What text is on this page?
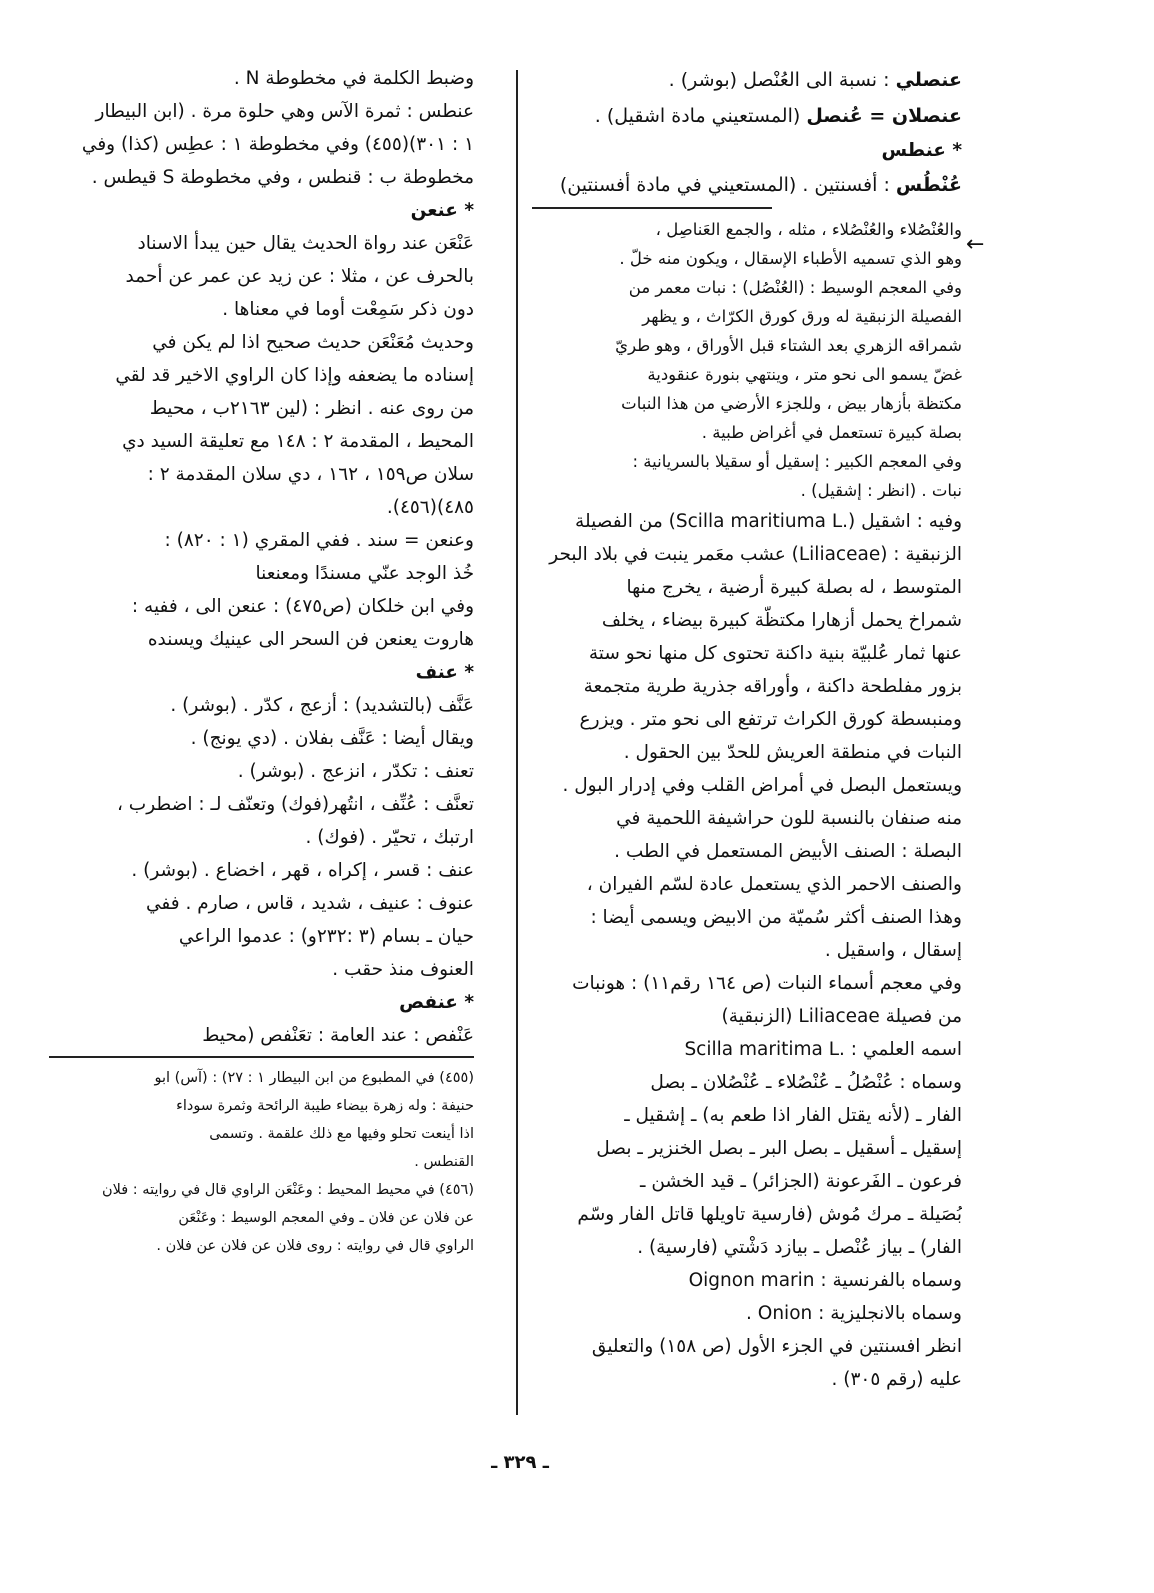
عنصلي : نسبة الى العُنْصل (بوشر) .
عنصلان = عُنصل (المستعيني مادة اشقيل) .
* عنطس
عُنْطُس : أفسنتين . (المستعيني في مادة أفسنتين)
والعُنْصُلاء والعُنْصُلاء ، مثله ، والجمع العَناصِل ،
وهو الذي تسميه الأطباء الإسقال ، ويكون منه خلّ .
وفي المعجم الوسيط : (العُنْصُل) : نبات معمر من
الفصيلة الزنبقية له ورق كورق الكرّاث ، و يظهر
شمراقه الزهري بعد الشتاء قبل الأوراق ، وهو طريّ
غضّ يسمو الى نحو متر ، وينتهي بنورة عنقودية
مكتظة بأزهار بيض ، وللجزء الأرضي من هذا النبات
بصلة كبيرة تستعمل في أغراض طبية .
وفي المعجم الكبير : إسقيل أو سقيلا بالسريانية :
نبات . (انظر : إشقيل) .
وفيه : اشقيل (.Scilla maritiuma L) من الفصيلة
الزنبقية : (Liliaceae) عشب معَمر ينبت في بلاد البحر
المتوسط ، له بصلة كبيرة أرضية ، يخرج منها
شمراخ يحمل أزهارا مكتظّة كبيرة بيضاء ، يخلف
عنها ثمار عُلبيّة بنية داكنة تحتوى كل منها نحو ستة
بزور مفلطحة داكنة ، وأوراقه جذرية طرية متجمعة
ومنبسطة كورق الكراث ترتفع الى نحو متر . ويزرع
النبات في منطقة العريش للحدّ بين الحقول .
ويستعمل البصل في أمراض القلب وفي إدرار البول .
منه صنفان بالنسبة للون حراشيفة اللحمية في
البصلة : الصنف الأبيض المستعمل في الطب .
والصنف الاحمر الذي يستعمل عادة لسّم الفيران ،
وهذا الصنف أكثر سُميّة من الابيض ويسمى أيضا :
إسقال ، واسقيل .
وفي معجم أسماء النبات (ص ١٦٤ رقم١١) : هونبات
من فصيلة Liliaceae (الزنبقية)
اسمه العلمي : .Scilla maritima L
وسماه : عُنْصُلُ ـ عُنْصُلاء ـ عُنْصُلان ـ بصل
الفار ـ (لأنه يقتل الفار اذا طعم به) ـ إشقيل ـ
إسقيل ـ أسقيل ـ بصل البر ـ بصل الخنزير ـ بصل
فرعون ـ الفَرعونة (الجزائر) ـ قيد الخشن ـ
بُصَيلة ـ مرك مُوش (فارسية تاويلها قاتل الفار وسّم
الفار) ـ بياز عُنْصل ـ بيازد دَشْتي (فارسية) .
وسماه بالفرنسية : Oignon marin
وسماه بالانجليزية : Onion .
انظر افسنتين في الجزء الأول (ص ١٥٨) والتعليق
عليه (رقم ٣٠٥) .
وضبط الكلمة في مخطوطة N .
عنطس : ثمرة الآس وهي حلوة مرة . (ابن البيطار
١ : ٣٠١)(٤٥٥) وفي مخطوطة ١ : عطِس (كذا) وفي
مخطوطة ب : قنطس ، وفي مخطوطة S قيطس .
* عنعن
عَنْعَن عند رواة الحديث يقال حين يبدأ الاسناد
بالحرف عن ، مثلا : عن زيد عن عمر عن أحمد
دون ذكر سَمِعْت أوما في معناها .
وحديث مُعَنْعَن حديث صحيح اذا لم يكن في
إسناده ما يضعفه وإذا كان الراوي الاخير قد لقي
من روى عنه . انظر : (لين ٢١٦٣ب ، محيط
المحيط ، المقدمة ٢ : ١٤٨ مع تعليقة السيد دي
سلان ص١٥٩ ، ١٦٢ ، دي سلان المقدمة ٢ :
٤٨٥)(٤٥٦).
وعنعن = سند . ففي المقري (١ : ٨٢٠) :
خُذ الوجد عنّي مسندًا ومعنعنا
وفي ابن خلكان (ص٤٧٥) : عنعن الى ، ففيه :
هاروت يعنعن فن السحر الى عينيك ويسنده
* عنف
عَنَّف (بالتشديد) : أزعج ، كدّر . (بوشر) .
ويقال أيضا : عَنَّف بفلان . (دي يونج) .
تعنف : تكدّر ، انزعج . (بوشر) .
تعنَّف : عُنِّف ، انتُهر(فوك) وتعنّف لـ : اضطرب ،
ارتبك ، تحيّر . (فوك) .
عنف : قسر ، إكراه ، قهر ، اخضاع . (بوشر) .
عنوف : عنيف ، شديد ، قاس ، صارم . ففي
حيان ـ بسام (٣ :٢٣٢و) : عدموا الراعي
العنوف منذ حقب .
* عنفص
عَنْفص : عند العامة : تعَنْفص (محيط
(٤٥٥) في المطبوع من ابن البيطار ١ : ٢٧) : (آس) ابو
حنيفة : وله زهرة بيضاء طيبة الرائحة وثمرة سوداء
اذا أينعت تحلو وفيها مع ذلك علقمة . وتسمى
القنطس .
(٤٥٦) في محيط المحيط : وعَنْعَن الراوي قال في روايته : فلان
عن فلان عن فلان ـ وفي المعجم الوسيط : وعَنْعَن
الراوي قال في روايته : روى فلان عن فلان عن فلان .
←
ـ ٣٢٩ ـ
